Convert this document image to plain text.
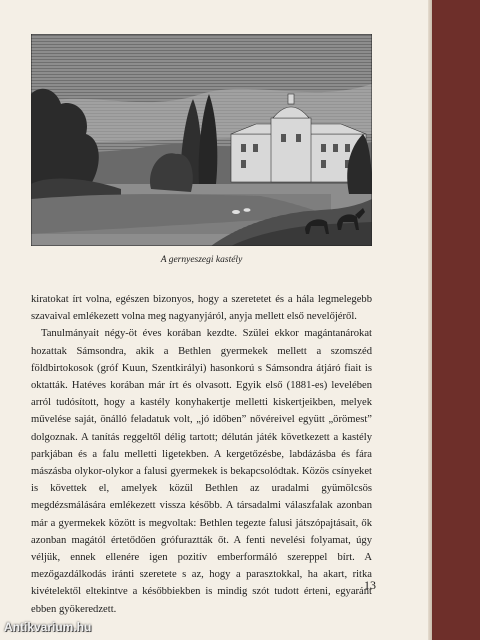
A gernyeszegi kastély

kiratokat írt volna, egészen bizonyos, hogy a szeretetet és a hála legmelegebb szavaival emlékezett volna meg nagyanyjáról, anyja mellett első nevelőjéről.

Tanulmányait négy-öt éves korában kezdte. Szülei ekkor magántanárokat hozattak Sámsondra, akik a Bethlen gyermekek mellett a szomszéd földbirtokosok (gróf Kuun, Szentkirályi) hasonkorú s Sámsondra átjáró fiait is oktatták. Hatéves korában már írt és olvasott. Egyik első (1881-es) levelében arról tudósított, hogy a kastély konyhakertje melletti kiskertjeikben, melyek művelése saját, önálló feladatuk volt, „jó időben” nővéreivel együtt „örömest” dolgoznak. A tanítás reggeltől délig tartott; délután játék következett a kastély parkjában és a falu melletti ligetekben. A kergetőzésbe, labdázásba és fára mászásba olykor-olykor a falusi gyermekek is bekapcsolódtak. Közös csínyeket is követtek el, amelyek közül Bethlen az uradalmi gyümölcsös megdézsmálására emlékezett vissza később. A társadalmi válaszfalak azonban már a gyermekek között is megvoltak: Bethlen tegezte falusi játszópajtásait, ők azonban magától értetődően grófuraztták őt. A fenti nevelési folyamat, úgy véljük, ennek ellenére igen pozitív emberformáló szereppel bírt. A mezőgazdálkodás iránti szeretete s az, hogy a parasztokkal, ha akart, ritka kivételektől eltekintve a későbbiekben is mindig szót tudott érteni, egyaránt ebben gyökeredzett.

13
Antikvarium.hu
